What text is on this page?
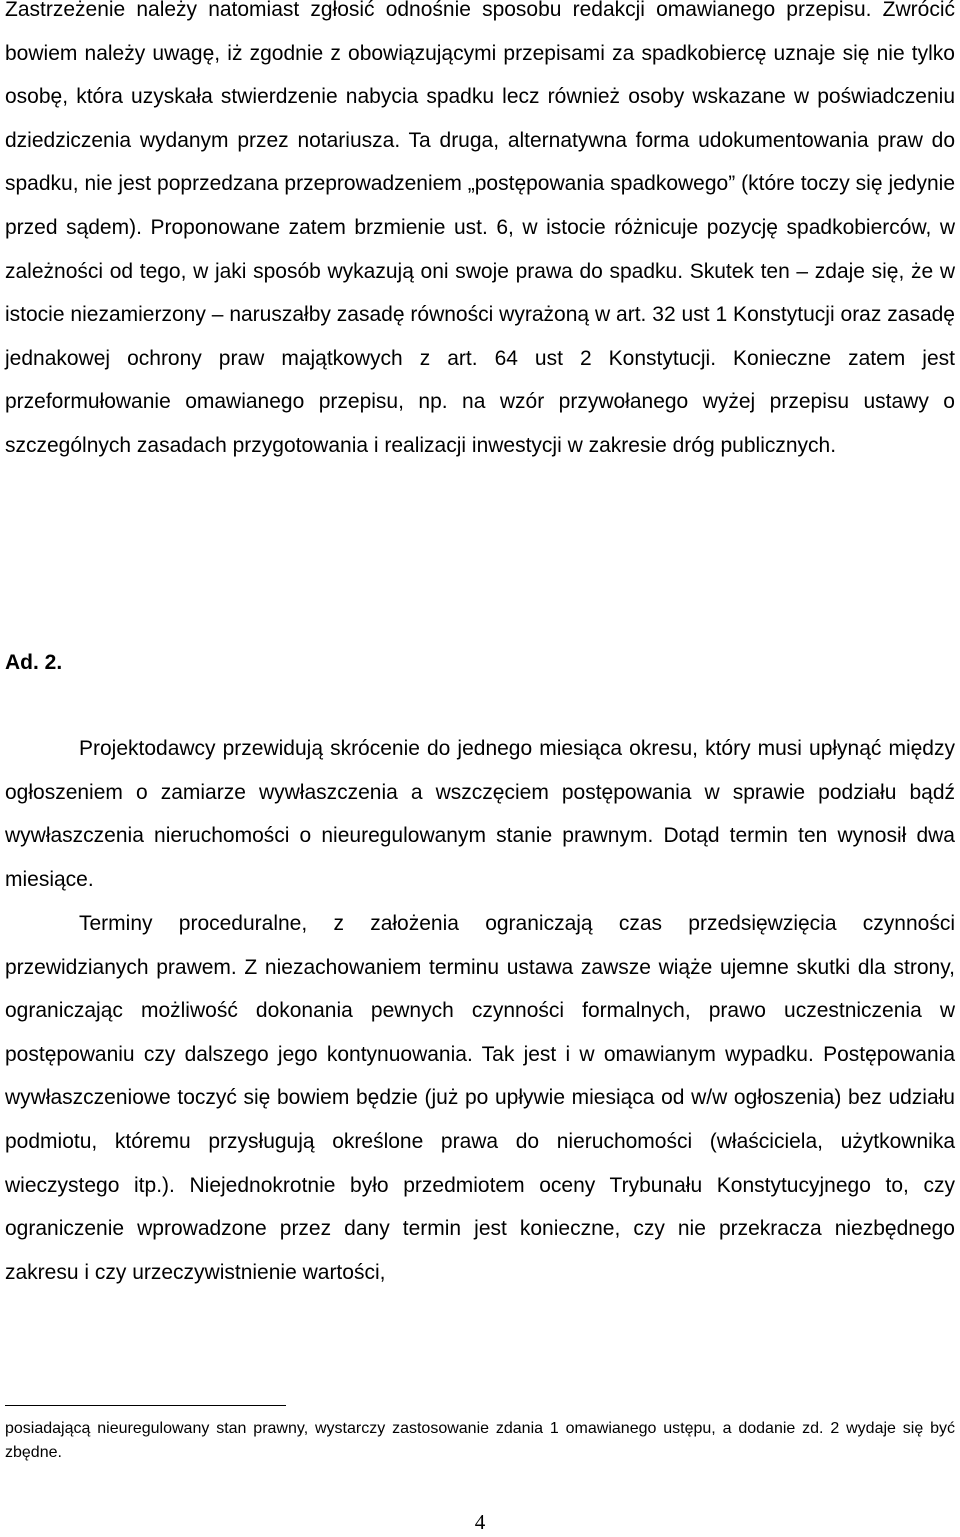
Zastrzeżenie należy natomiast zgłosić odnośnie sposobu redakcji omawianego przepisu. Zwrócić bowiem należy uwagę, iż zgodnie z obowiązującymi przepisami za spadkobiercę uznaje się nie tylko osobę, która uzyskała stwierdzenie nabycia spadku lecz również osoby wskazane w poświadczeniu dziedziczenia wydanym przez notariusza. Ta druga, alternatywna forma udokumentowania praw do spadku, nie jest poprzedzana przeprowadzeniem „postępowania spadkowego” (które toczy się jedynie przed sądem). Proponowane zatem brzmienie ust. 6, w istocie różnicuje pozycję spadkobierców, w zależności od tego, w jaki sposób wykazują oni swoje prawa do spadku. Skutek ten – zdaje się, że w istocie niezamierzony – naruszałby zasadę równości wyrażoną w art. 32 ust 1 Konstytucji oraz zasadę jednakowej ochrony praw majątkowych z art. 64 ust 2 Konstytucji. Konieczne zatem jest przeformułowanie omawianego przepisu, np. na wzór przywołanego wyżej przepisu ustawy o szczególnych zasadach przygotowania i realizacji inwestycji w zakresie dróg publicznych.
Ad. 2.
Projektodawcy przewidują skrócenie do jednego miesiąca okresu, który musi upłynąć między ogłoszeniem o zamiarze wywłaszczenia a wszczęciem postępowania w sprawie podziału bądź wywłaszczenia nieruchomości o nieuregulowanym stanie prawnym. Dotąd termin ten wynosił dwa miesiące.
Terminy proceduralne, z założenia ograniczają czas przedsięwzięcia czynności przewidzianych prawem. Z niezachowaniem terminu ustawa zawsze wiąże ujemne skutki dla strony, ograniczając możliwość dokonania pewnych czynności formalnych, prawo uczestniczenia w postępowaniu czy dalszego jego kontynuowania. Tak jest i w omawianym wypadku. Postępowania wywłaszczeniowe toczyć się bowiem będzie (już po upływie miesiąca od w/w ogłoszenia) bez udziału podmiotu, któremu przysługują określone prawa do nieruchomości (właściciela, użytkownika wieczystego itp.). Niejednokrotnie było przedmiotem oceny Trybunału Konstytucyjnego to, czy ograniczenie wprowadzone przez dany termin jest konieczne, czy nie przekracza niezbędnego zakresu i czy urzeczywistnienie wartości,
posiadającą nieuregulowany stan prawny, wystarczy zastosowanie zdania 1 omawianego ustępu, a dodanie zd. 2 wydaje się być zbędne.
4
